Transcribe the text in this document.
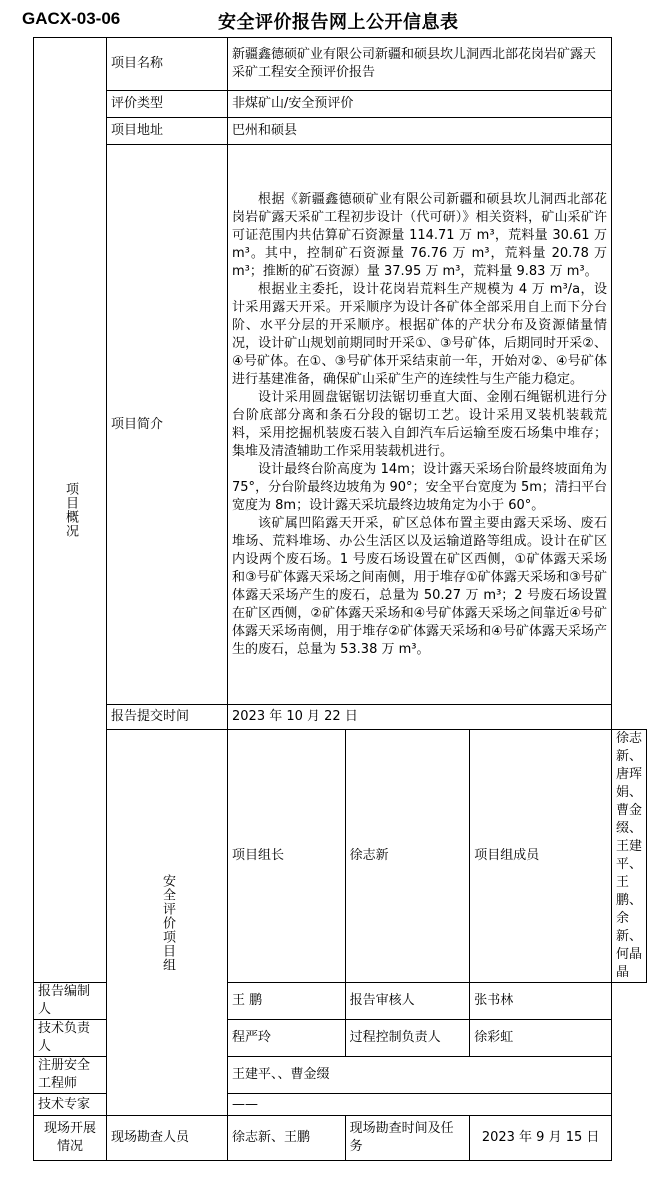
GACX-03-06	安全评价报告网上公开信息表
项目概况	项目名称	新疆鑫德硕矿业有限公司新疆和硕县坎儿洞西北部花岗岩矿露天采矿工程安全预评价报告			
	评价类型	非煤矿山/安全预评价			
	项目地址	巴州和硕县			
	项目简介	根据《新疆鑫德硕矿业有限公司新疆和硕县坎儿洞西北部花岗岩矿露天采矿工程初步设计（代可研）》相关资料，矿山采矿许可证范围内共估算矿石资源量 114.71 万 m³，荒料量 30.61 万 m³。其中，控制矿石资源量 76.76 万 m³，荒料量 20.78 万 m³；推断的矿石资源）量 37.95 万 m³，荒料量 9.83 万 m³。

根据业主委托，设计花岗岩荒料生产规模为 4 万 m³/a，设计采用露天开采。开采顺序为设计各矿体全部采用自上而下分台阶、水平分层的开采顺序。根据矿体的产状分布及资源储量情况，设计矿山规划前期同时开采①、③号矿体，后期同时开采②、④号矿体。在①、③号矿体开采结束前一年，开始对②、④号矿体进行基建准备，确保矿山采矿生产的连续性与生产能力稳定。

设计采用圆盘锯锯切法锯切垂直大面、金刚石绳锯机进行分台阶底部分离和条石分段的锯切工艺。设计采用叉装机装载荒料，采用挖掘机装废石装入自卸汽车后运输至废石场集中堆存；集堆及清渣辅助工作采用装载机进行。

设计最终台阶高度为 14m；设计露天采场台阶最终坡面角为 75°，分台阶最终边坡角为 90°；安全平台宽度为 5m；清扫平台宽度为 8m；设计露天采坑最终边坡角定为小于 60°。

该矿属凹陷露天开采，矿区总体布置主要由露天采场、废石堆场、荒料堆场、办公生活区以及运输道路等组成。设计在矿区内设两个废石场。1 号废石场设置在矿区西侧，①矿体露天采场和③号矿体露天采场之间南侧，用于堆存①矿体露天采场和③号矿体露天采场产生的废石，总量为 50.27 万 m³；2 号废石场设置在矿区西侧，②矿体露天采场和④号矿体露天采场之间靠近④号矿体露天采场南侧，用于堆存②矿体露天采场和④号矿体露天采场产生的废石，总量为 53.38 万 m³。			

	报告提交时间	2023 年 10 月 22 日			

	安全评价项目组	项目组长	徐志新	项目组成员	徐志新、唐珲娟、曹金缀、王建平、王 鹏、余 新、何晶晶
报告编制人		王 鹏	报告审核人	张书林	
技术负责人		程严玲	过程控制负责人	徐彩虹	
注册安全工程师		王建平、、曹金缀			
技术专家		——			

现场开展情况	现场勘查人员	徐志新、王鹏	现场勘查时间及任务	2023 年 9 月 15 日	
